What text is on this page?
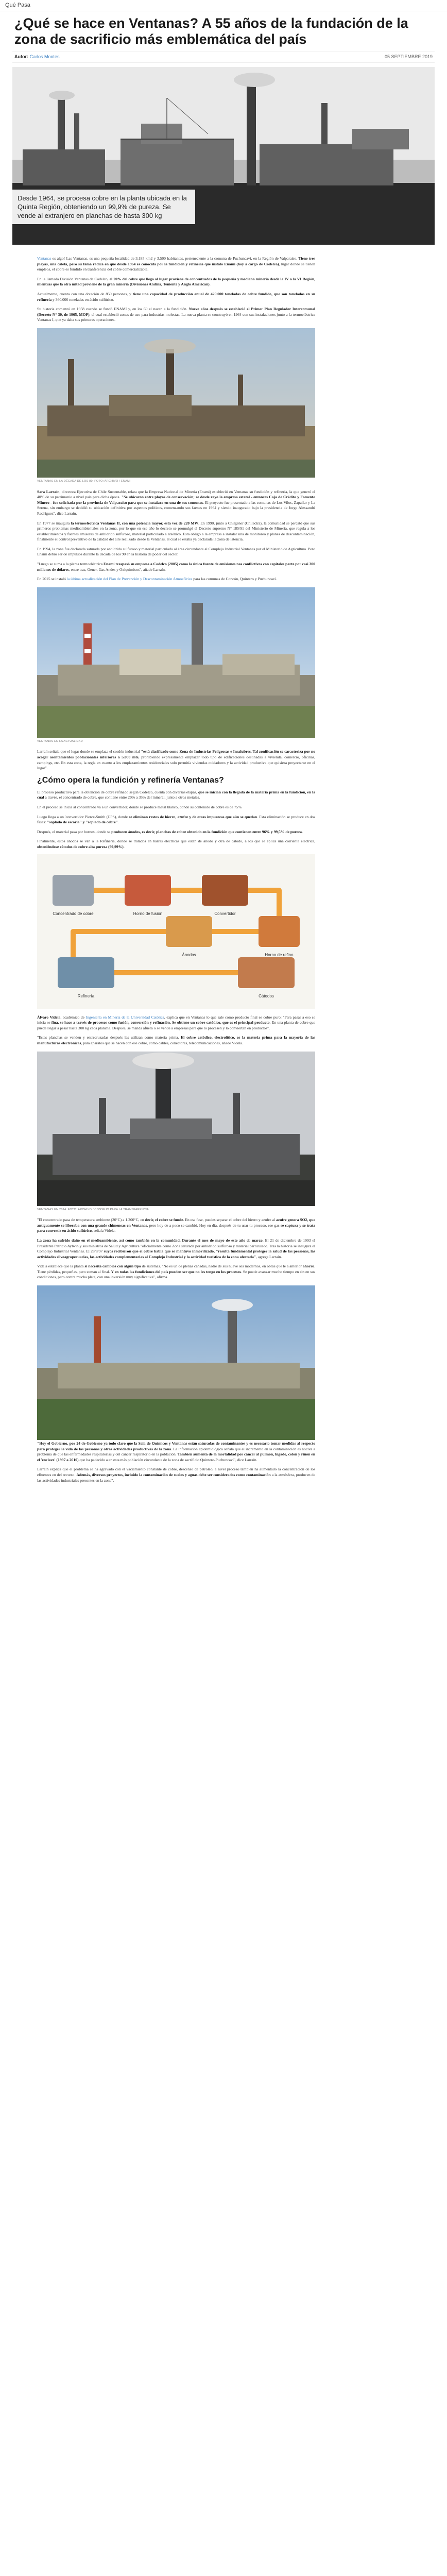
Qué Pasa
¿Qué se hace en Ventanas? A 55 años de la fundación de la zona de sacrificio más emblemática del país
Autor: Carlos Montes	05 SEPTIEMBRE 2019
Desde 1964, se procesa cobre en la planta ubicada en la Quinta Región, obteniendo un 99,9% de pureza. Se vende al extranjero en planchas de hasta 300 kg

Ventanas es algo! Las Ventanas, es una pequeña localidad de 3.185 km2 y 3.500 habitantes, perteneciente a la comuna de Puchuncaví, en la Región de Valparaíso. Tiene tres playas, una caleta, pero su fama radica en que desde 1964 es conocida por la fundición y refinería que instaló Enami (hoy a cargo de Codelco), lugar donde se tienen empleos, el cobre es fundido en tranferencia del cobre comercializable.

En la llamada División Ventanas de Codelco, el 20% del cobre que llega al lugar proviene de concentrados de la pequeña y mediana minería desde la IV a la VI Región, mientras que la otra mitad proviene de la gran minería (Divisiones Andina, Teniente y Anglo American).

Actualmente, cuenta con una dotación de 850 personas, y tiene una capacidad de producción anual de 420.000 toneladas de cobre fundido, que son tonelados en su refinería y 360.000 toneladas en ácido sulfúrico.

Su historia comenzó en 1958 cuando se fundó ENAMI y, en los 60 el nacen a la fundición. Nueve años después se estableció el Primer Plan Regulador Intercomunal (Decreto N° 30, de 1965, MOP), el cual estableció zonas de uso para industrias molestas. La nueva planta se construyó en 1964 con sus instalaciones junto a la termoeléctrica Ventanas I, que ya daba sus primeras operaciones.

VENTANAS EN LA DÉCADA DE LOS 80. FOTO: ARCHIVO / ENAMI

Sara Larraín, directora Ejecutiva de Chile Sustentable, relata que la Empresa Nacional de Minería (Enami) estableció en Ventanas su fundición y refinería, la que generó el 40% de su patrimonio a nivel país para dicha época. "Se ubicaron entre playas de conservación; se desde rayo la empresa estatal - entonces Caja de Crédito y Fomento Minero - fue solicitada por la provincia de Valparaíso para que se instalara en una de sus comunas. El proyecto fue presentado a las comunas de Los Vilos, Zapallar y La Serena, sin embargo se decidió su ubicación definitiva por aspectos políticos, comenzando sus faenas en 1964 y siendo inaugurado bajo la presidencia de Jorge Alessandri Rodríguez", dice Larraín.

En 1977 se inaugura la termoeléctrica Ventanas II, con una potencia mayor, esta vez de 220 MW. En 1990, junto a Chilgener (Chilectra), la comunidad se percató que sus primeros problemas medioambientales en la zona, por lo que en ese año lo decreto se promulgó el Decreto supremo N° 185/91 del Ministerio de Minería, que regula a los establecimientos y fuentes emisoras de anhídrido sulfuroso, material particulado a arsénico. Esta obligó a la empresa a instalar una de monitoreo y planes de descontaminación, finalmente el control preventivo de la calidad del aire realizado desde la Ventanas, el cual se estaba ya declarada la zona de latencia.

En 1994, la zona fue declarada saturada por anhídrido sulfuroso y material particulado al área circundante al Complejo Industrial Ventanas por el Ministerio de Agricultura. Pero Enami debió ser de impulsos durante la década de los 90 en la historia de poder del sector.

"Luego se suma a la planta termoeléctrica Enami traspasó su empresa a Codelco (2005) como la única fuente de emisiones nas conflictivos con capitales parte por casi 300 millones de dólares, entre tras, Gener, Gas Andes y Oxiquímicos", añade Larraín.

En 2015 se instaló la última actualización del Plan de Prevención y Descontaminación Atmosférica para las comunas de Concón, Quintero y Puchuncaví.

VENTANAS EN LA ACTUALIDAD

Larraín señala que el lugar donde se emplaza el cordón industrial "está clasificado como Zona de Industrias Peligrosas e Insalubres. Tal zonificación se caracteriza por no acoger asentamientos poblacionales inferiores a 5.000 mts, prohibiendo expresamente emplazar todo tipo de edificaciones destinadas a vivienda, comercio, oficinas, campings, etc. En esta zona, la regla en cuanto a los emplazamientos residenciales solo permitía viviendas cuidadores y la actividad productiva que quisiera proyectarse en el lugar".

¿Cómo opera la fundición y refinería Ventanas?

El proceso productivo para la obtención de cobre refinado según Codelco, cuenta con diversas etapas, que se inician con la llegada de la materia prima en la fundición, en la cual a través, el concentrado de cobre, que contiene entre 20% a 35% del mineral, junto a otros metales.

En el proceso se inicia al concentrado va a un convertidor, donde se produce metal blanco, donde su contenido de cobre es de 75%.

Luego llega a un 'convertidor Pierce-Smith (CPS), donde se eliminan restos de hierro, azufre y de otras impurezas que aún se quedan. Esta eliminación se produce en dos fases: "soplado de escoria" y "soplado de cobre".

Después, el material pasa por hornos, donde se producen ánodos, es decir, planchas de cobre obtenido en la fundición que contienen entre 96% y 99,5% de pureza.

Finalmente, estos ánodos se van a la Refinería, donde se tratados en barras eléctricas que están de ánodo y otra de cátodo, a los que se aplica una corriente eléctrica, obteniéndose cátodos de cobre alta pureza (99,99%).

Concentrado de cobre	Horno de fusión	Convertidor
Horno de refino
Ánodos
Refinería	Cátodos

Álvaro Videla, académico de Ingeniería en Minería de la Universidad Católica, explica que en Ventanas lo que sale como producto final es cobre puro: "Para pasar a eso se inicia se fina, se hace a través de procesos como fusión, conversión y refinación. Se obtiene un cobre catódico, que es el principal producto. En una planta de cobre que puede llegar a pesar hasta 300 kg cada plancha. Después, se manda afuera o se vende a empresas para que lo procesen y lo conviertan en productos".

"Estas planchas se venden y entrecruzadas después las utilizan como materia prima. El cobre catódico, electrolítico, es la materia prima para la mayoría de las manufacturas electrónicas, para aparatos que se hacen con ese cobre, como cables, conectores, telecomunicaciones, añade Videla.

VENTANAS EN 2014. FOTO: ARCHIVO / CONSEJO PARA LA TRANSPARENCIA

"El concentrado pasa de temperatura ambiente (20°C) a 1.200°C, en decir, el cobre se funde. En esa fase, puedes separar el cobre del hierro y azufre al azufre genera SO2, que antiguamente se liberaba con una grande chimeneas en Ventanas, pero hoy de a poco se cambió. Hoy en día, después de tu usar tu proceso, ese gas se captura y se trata para convertir en ácido sulfúrico, señala Videla.

La zona ha sufrido daño en el medioambiente, así como también en la comunidad. Durante el mes de mayo de este año de marzo. El 21 de diciembre de 1993 el Presidente Patricio Aylwin y sus ministros de Salud y Agricultura "oficialmente como Zona saturada por anhídrido sulfuroso y material particulado. Tras la historia se inaugura el Complejo Industrial Ventanas. El 28/8/97 suyos recibieron que el cobre había que se mantuvo inmovilizado, "resulta fundamental proteger la salud de las personas, las actividades silvoagropecuarias, las actividades complementarias al Complejo Industrial y la actividad turística de la zona afectada", agrega Larraín.

Videla establece que la planta si necesita cambios con algún tipo de sistemas. "No es un de plenas cañadas, nadie de sus nueve ses modernos, en obras que le a anterior ahorro. Tiene pérdidas, pequeñas, pero suman al final. Y en todas las fundiciones del país pueden ser que no les tengo en los procesos. Se puede avanzar mucho tiempo en sin en sus condiciones, pero contra mucha plata, con una inversión muy significativa", afirma.

"Hoy el Gobierno, por 24 de Gobierno ya todo claro que la Sala de Químicos y Ventanas están saturadas de contaminantes y es necesario tomar medidas al respecto para proteger la vida de las personas y otras actividades productivas de la zona. La información epidemiológica señala que el incremento en la contaminación es nociva a problema de que las enfermedades respiratorias y del cáncer respiratorio en la población. También aumenta de la mortalidad por cáncer al pulmón, hígado, colon y riñón en el 'enclave' (1997 a 2010) que ha padecido a en esta más población circundante de la zona de sacrificio Quintero-Puchuncaví", dice Larraín.

Larraín explica que el problema se ha agravado con el vaciamiento constante de cobre, descenso de petróleo, a nivel proceso también ha aumentado la concentración de los efluentes en del recurso. Además, diversos proyectos, incluido la contaminación de suelos y aguas debe ser considerados como contaminación a la atmósfera, producen de las actividades industriales presentes en la zona".
